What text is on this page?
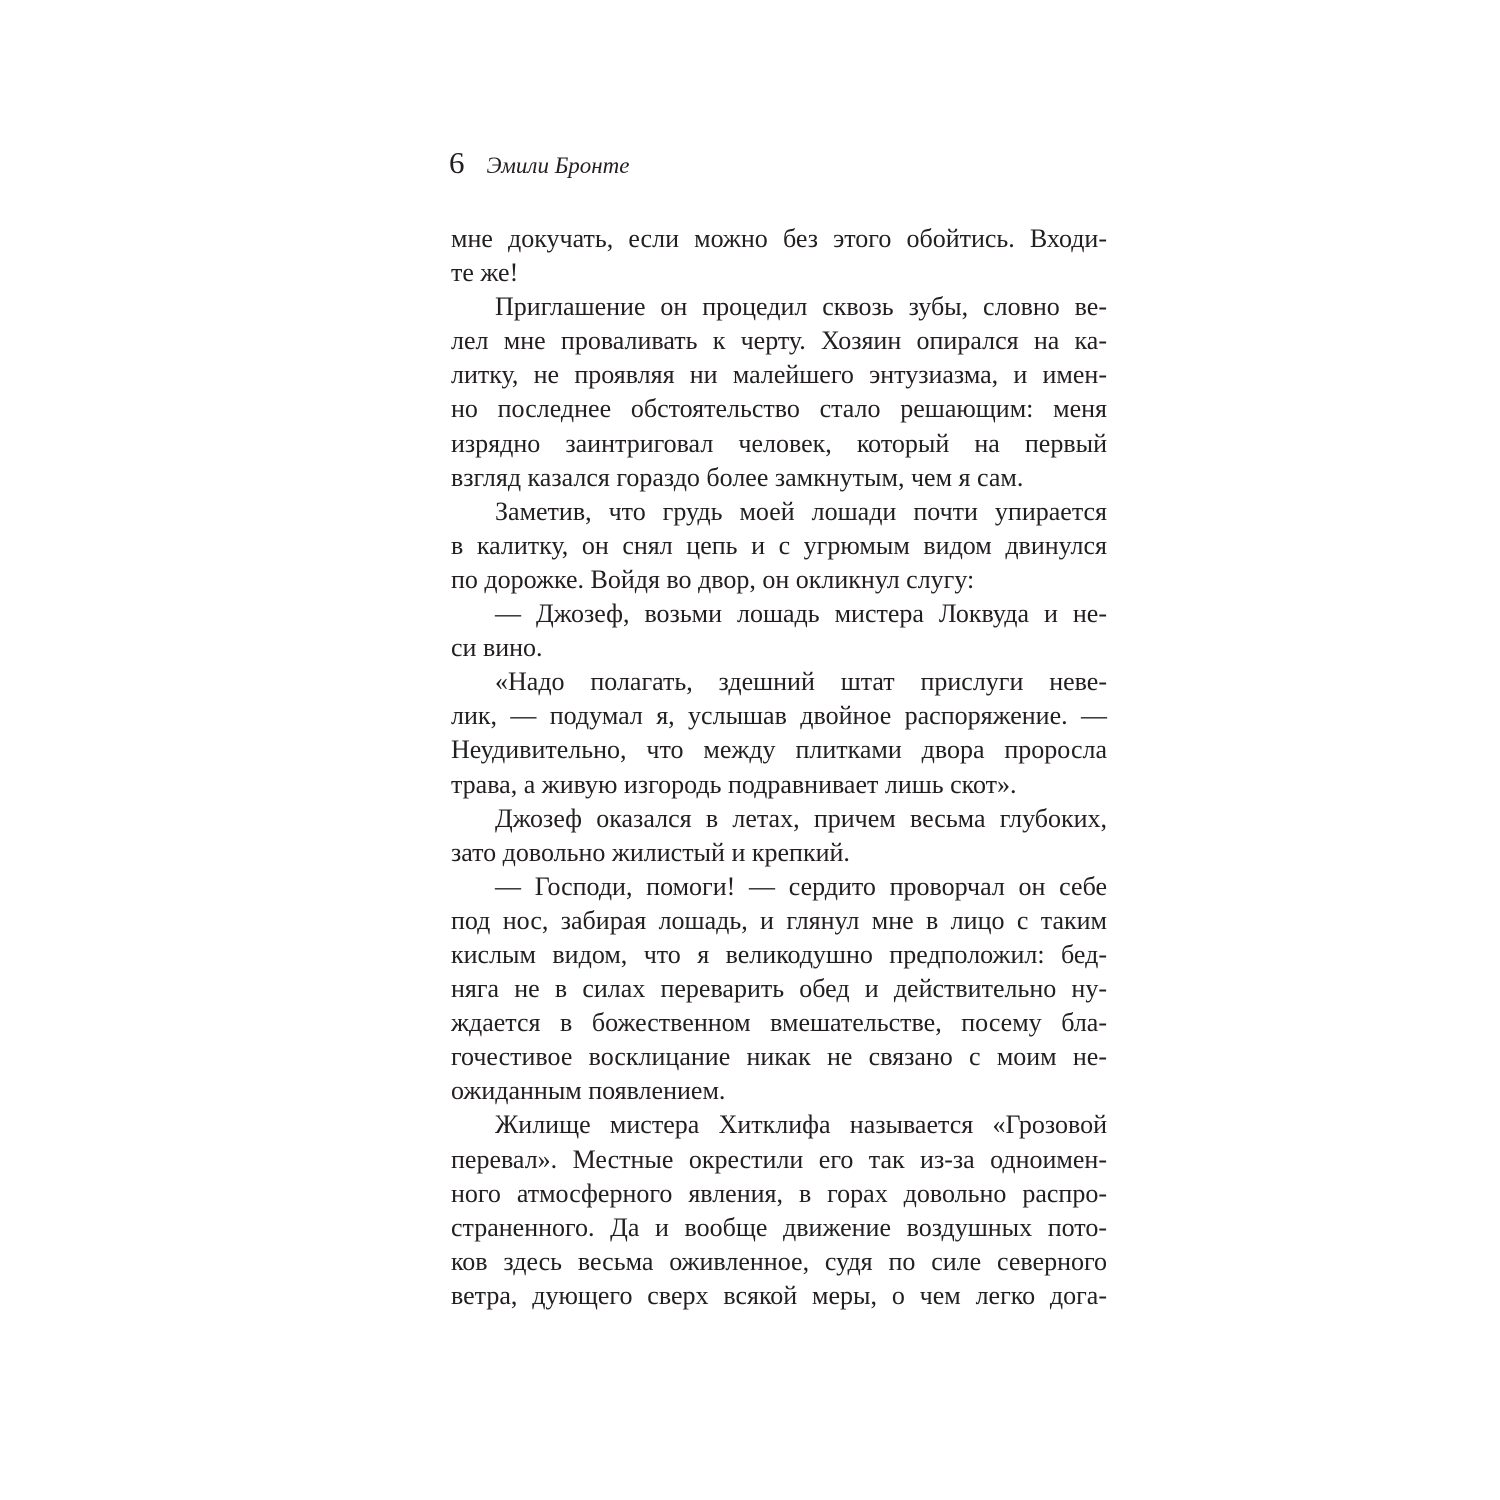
6 Эмили Бронте
мне докучать, если можно без этого обойтись. Входи-
те же!
Приглашение он процедил сквозь зубы, словно ве-
лел мне проваливать к черту. Хозяин опирался на ка-
литку, не проявляя ни малейшего энтузиазма, и имен-
но последнее обстоятельство стало решающим: меня
изрядно заинтриговал человек, который на первый
взгляд казался гораздо более замкнутым, чем я сам.
Заметив, что грудь моей лошади почти упирается
в калитку, он снял цепь и с угрюмым видом двинулся
по дорожке. Войдя во двор, он окликнул слугу:
— Джозеф, возьми лошадь мистера Локвуда и не-
си вино.
«Надо полагать, здешний штат прислуги неве-
лик, — подумал я, услышав двойное распоряжение. —
Неудивительно, что между плитками двора проросла
трава, а живую изгородь подравнивает лишь скот».
Джозеф оказался в летах, причем весьма глубоких,
зато довольно жилистый и крепкий.
— Господи, помоги! — сердито проворчал он себе
под нос, забирая лошадь, и глянул мне в лицо с таким
кислым видом, что я великодушно предположил: бед-
няга не в силах переварить обед и действительно ну-
ждается в божественном вмешательстве, посему бла-
гочестивое восклицание никак не связано с моим не-
ожиданным появлением.
Жилище мистера Хитклифа называется «Грозовой
перевал». Местные окрестили его так из-за одноимен-
ного атмосферного явления, в горах довольно распро-
страненного. Да и вообще движение воздушных пото-
ков здесь весьма оживленное, судя по силе северного
ветра, дующего сверх всякой меры, о чем легко дога-
